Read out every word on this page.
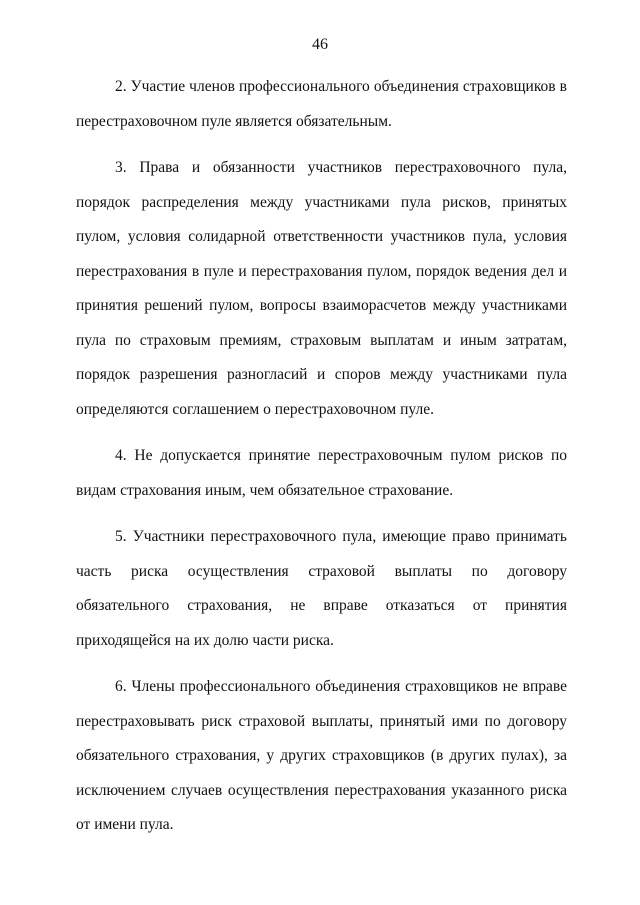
46

2. Участие членов профессионального объединения страховщиков в перестраховочном пуле является обязательным.

3. Права и обязанности участников перестраховочного пула, порядок распределения между участниками пула рисков, принятых пулом, условия солидарной ответственности участников пула, условия перестрахования в пуле и перестрахования пулом, порядок ведения дел и принятия решений пулом, вопросы взаиморасчетов между участниками пула по страховым премиям, страховым выплатам и иным затратам, порядок разрешения разногласий и споров между участниками пула определяются соглашением о перестраховочном пуле.

4. Не допускается принятие перестраховочным пулом рисков по видам страхования иным, чем обязательное страхование.

5. Участники перестраховочного пула, имеющие право принимать часть риска осуществления страховой выплаты по договору обязательного страхования, не вправе отказаться от принятия приходящейся на их долю части риска.

6. Члены профессионального объединения страховщиков не вправе перестраховывать риск страховой выплаты, принятый ими по договору обязательного страхования, у других страховщиков (в других пулах), за исключением случаев осуществления перестрахования указанного риска от имени пула.
